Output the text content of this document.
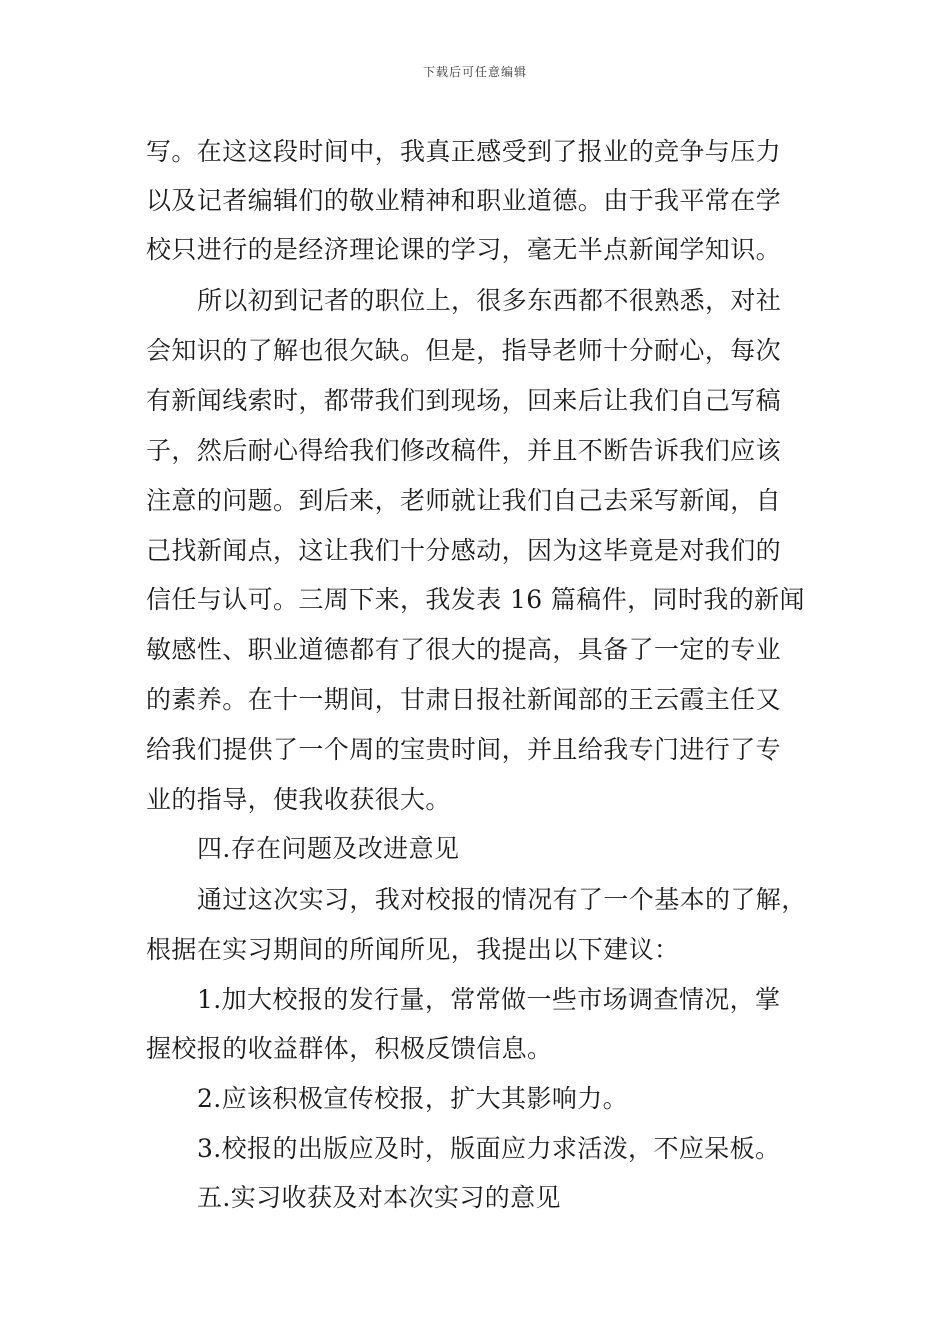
下载后可任意编辑
写。在这这段时间中，我真正感受到了报业的竞争与压力
以及记者编辑们的敬业精神和职业道德。由于我平常在学
校只进行的是经济理论课的学习，毫无半点新闻学知识。
所以初到记者的职位上，很多东西都不很熟悉，对社
会知识的了解也很欠缺。但是，指导老师十分耐心，每次
有新闻线索时，都带我们到现场，回来后让我们自己写稿
子，然后耐心得给我们修改稿件，并且不断告诉我们应该
注意的问题。到后来，老师就让我们自己去采写新闻，自
己找新闻点，这让我们十分感动，因为这毕竟是对我们的
信任与认可。三周下来，我发表 16 篇稿件，同时我的新闻
敏感性、职业道德都有了很大的提高，具备了一定的专业
的素养。在十一期间，甘肃日报社新闻部的王云霞主任又
给我们提供了一个周的宝贵时间，并且给我专门进行了专
业的指导，使我收获很大。
四.存在问题及改进意见
通过这次实习，我对校报的情况有了一个基本的了解，
根据在实习期间的所闻所见，我提出以下建议：
1.加大校报的发行量，常常做一些市场调查情况，掌
握校报的收益群体，积极反馈信息。
2.应该积极宣传校报，扩大其影响力。
3.校报的出版应及时，版面应力求活泼，不应呆板。
五.实习收获及对本次实习的意见
